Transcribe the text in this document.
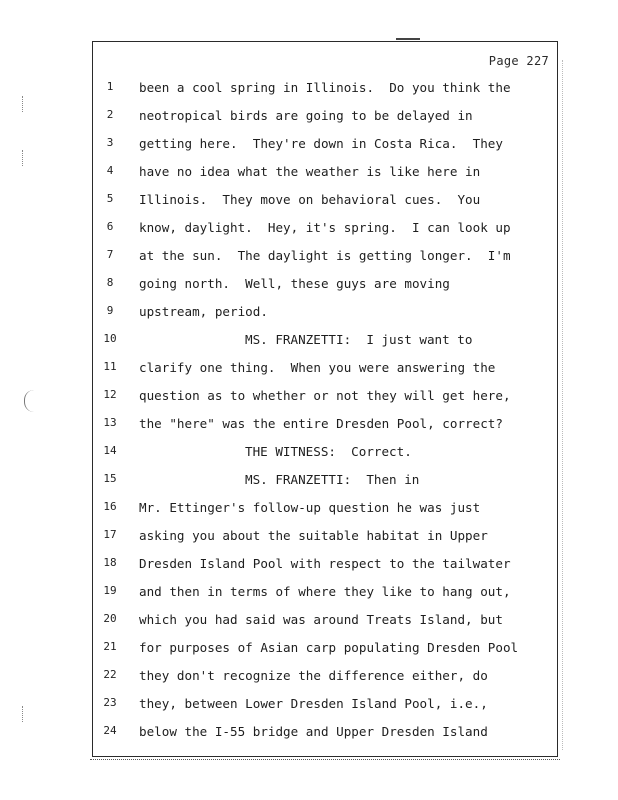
Page 227
1	been a cool spring in Illinois.  Do you think the
2	neotropical birds are going to be delayed in
3	getting here.  They're down in Costa Rica.  They
4	have no idea what the weather is like here in
5	Illinois.  They move on behavioral cues.  You
6	know, daylight.  Hey, it's spring.  I can look up
7	at the sun.  The daylight is getting longer.  I'm
8	going north.  Well, these guys are moving
9	upstream, period.
10	MS. FRANZETTI:  I just want to
11	clarify one thing.  When you were answering the
12	question as to whether or not they will get here,
13	the "here" was the entire Dresden Pool, correct?
14	THE WITNESS:  Correct.
15	MS. FRANZETTI:  Then in
16	Mr. Ettinger's follow-up question he was just
17	asking you about the suitable habitat in Upper
18	Dresden Island Pool with respect to the tailwater
19	and then in terms of where they like to hang out,
20	which you had said was around Treats Island, but
21	for purposes of Asian carp populating Dresden Pool
22	they don't recognize the difference either, do
23	they, between Lower Dresden Island Pool, i.e.,
24	below the I-55 bridge and Upper Dresden Island
